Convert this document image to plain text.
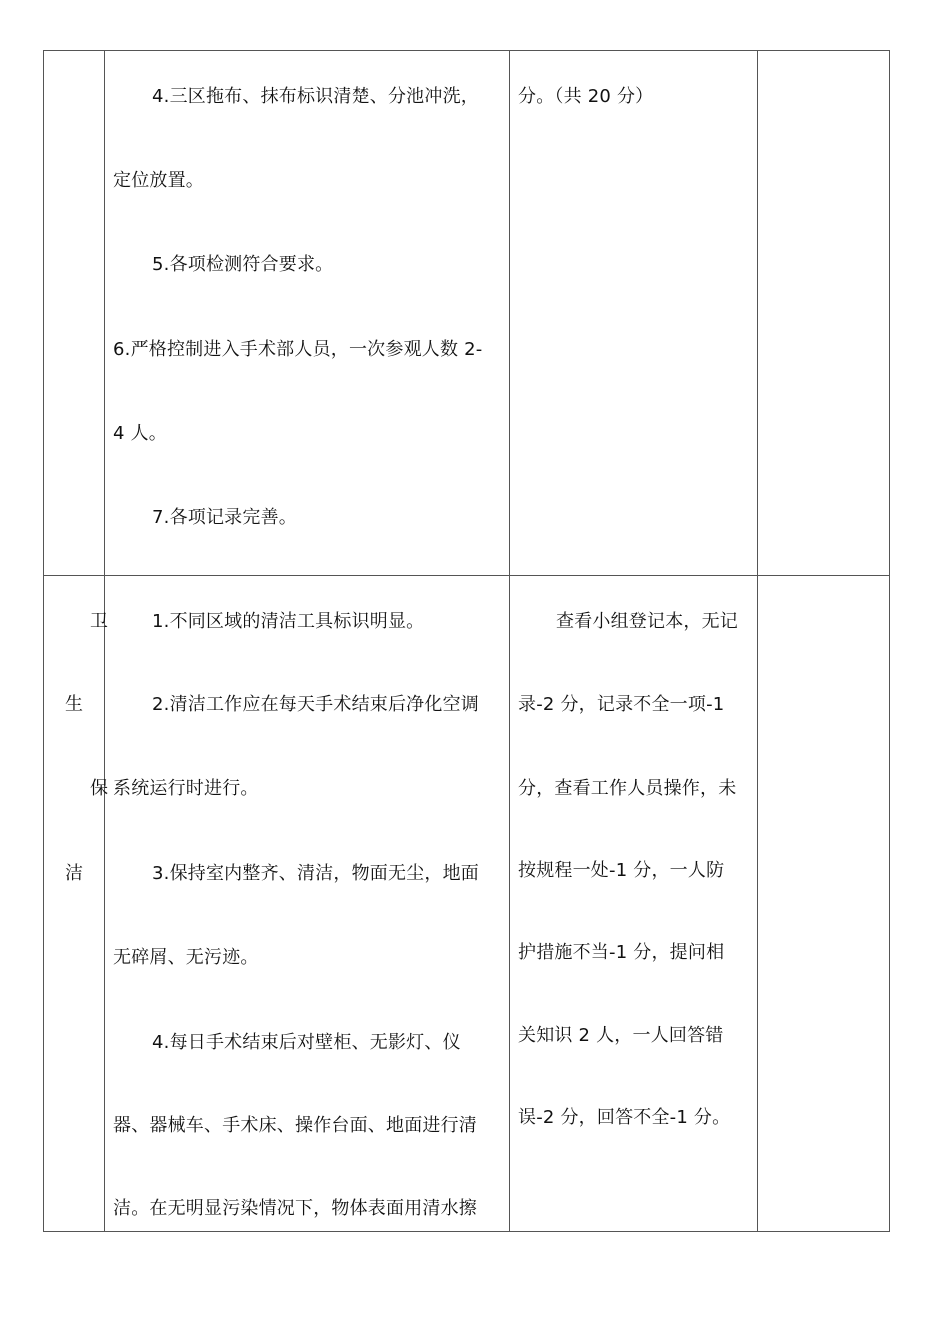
4.三区拖布、抹布标识清楚、分池冲洗，
定位放置。
5.各项检测符合要求。
6.严格控制进入手术部人员，一次参观人数 2-
4 人。
7.各项记录完善。
分。（共 20 分）
卫
生
保
洁
1.不同区域的清洁工具标识明显。
2.清洁工作应在每天手术结束后净化空调
系统运行时进行。
3.保持室内整齐、清洁，物面无尘，地面
无碎屑、无污迹。
4.每日手术结束后对壁柜、无影灯、仪
器、器械车、手术床、操作台面、地面进行清
洁。在无明显污染情况下，物体表面用清水擦
查看小组登记本，无记
录-2 分，记录不全一项-1
分，查看工作人员操作，未
按规程一处-1 分，一人防
护措施不当-1 分，提问相
关知识 2 人，一人回答错
误-2 分，回答不全-1 分。
